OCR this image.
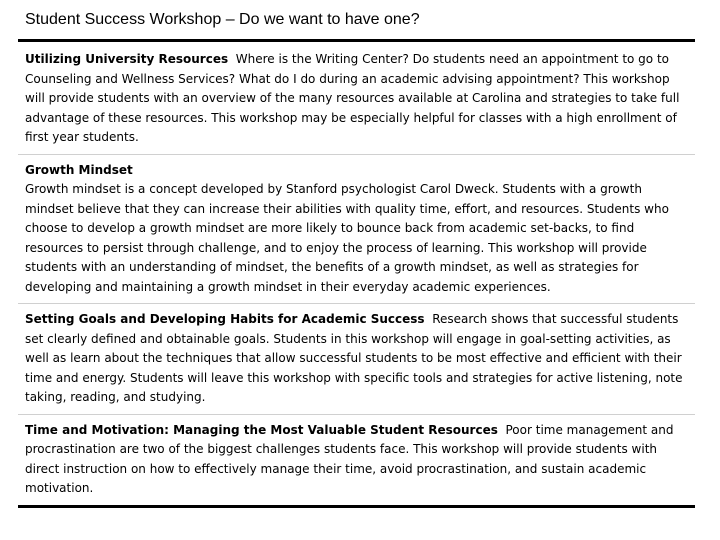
Student Success Workshop – Do we want to have one?
Utilizing University Resources Where is the Writing Center? Do students need an appointment to go to Counseling and Wellness Services? What do I do during an academic advising appointment? This workshop will provide students with an overview of the many resources available at Carolina and strategies to take full advantage of these resources. This workshop may be especially helpful for classes with a high enrollment of first year students.
Growth Mindset
Growth mindset is a concept developed by Stanford psychologist Carol Dweck. Students with a growth mindset believe that they can increase their abilities with quality time, effort, and resources. Students who choose to develop a growth mindset are more likely to bounce back from academic set-backs, to find resources to persist through challenge, and to enjoy the process of learning. This workshop will provide students with an understanding of mindset, the benefits of a growth mindset, as well as strategies for developing and maintaining a growth mindset in their everyday academic experiences.
Setting Goals and Developing Habits for Academic Success Research shows that successful students set clearly defined and obtainable goals. Students in this workshop will engage in goal-setting activities, as well as learn about the techniques that allow successful students to be most effective and efficient with their time and energy. Students will leave this workshop with specific tools and strategies for active listening, note taking, reading, and studying.
Time and Motivation: Managing the Most Valuable Student Resources Poor time management and procrastination are two of the biggest challenges students face. This workshop will provide students with direct instruction on how to effectively manage their time, avoid procrastination, and sustain academic motivation.
